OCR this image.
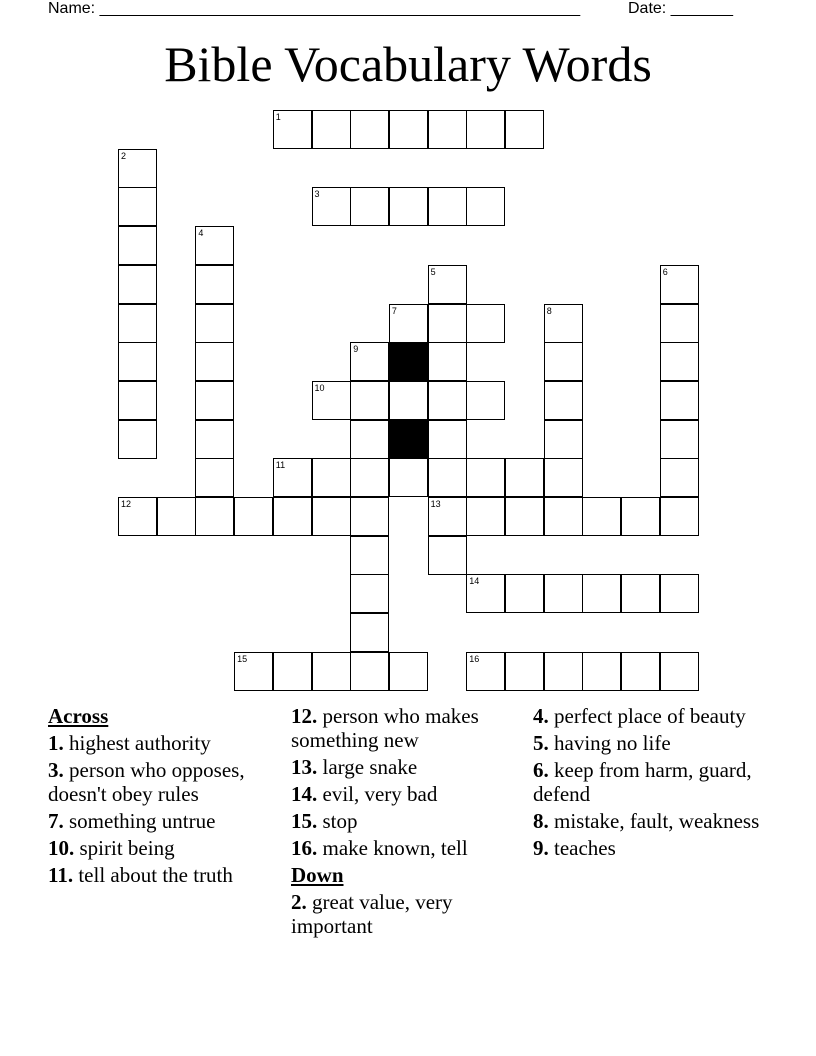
Name: ______________________________________________________	Date: _______
Bible Vocabulary Words
1
2
3
4
5
13
6
7	8
9
10
11
12
14
15	16
Across
1. highest authority
3. person who opposes, doesn't obey rules
7. something untrue
10. spirit being
11. tell about the truth
12. person who makes something new
13. large snake
14. evil, very bad
15. stop
16. make known, tell
Down
2. great value, very important
4. perfect place of beauty
5. having no life
6. keep from harm, guard, defend
8. mistake, fault, weakness
9. teaches
